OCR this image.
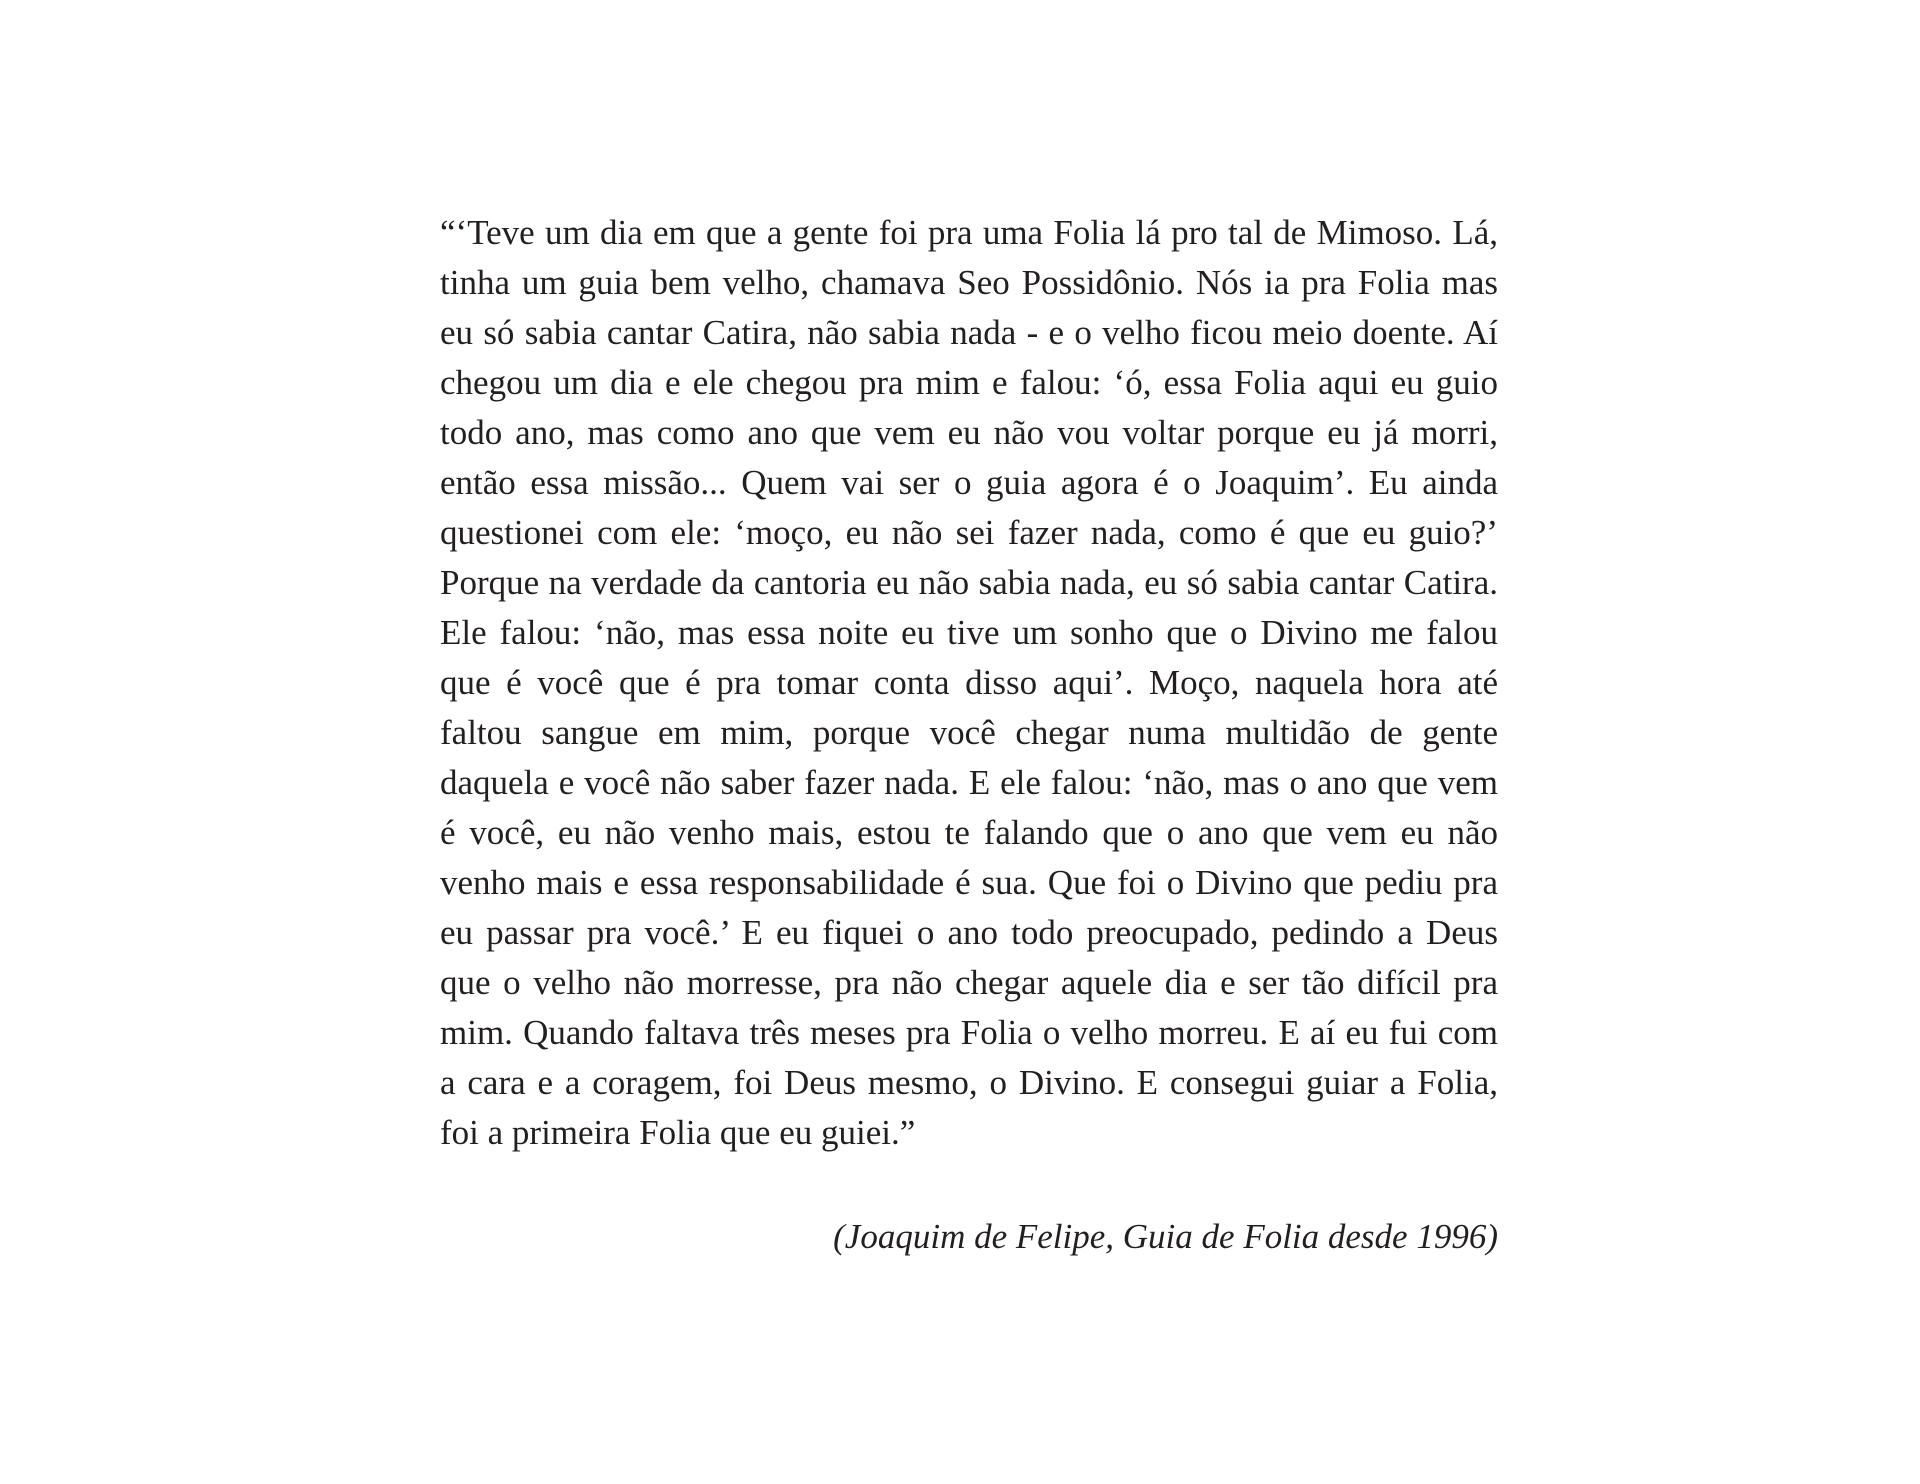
“‘Teve um dia em que a gente foi pra uma Folia lá pro tal de Mimoso. Lá, tinha um guia bem velho, chamava Seo Possidônio. Nós ia pra Folia mas eu só sabia cantar Catira, não sabia nada - e o velho ficou meio doente. Aí chegou um dia e ele chegou pra mim e falou: ‘ó, essa Folia aqui eu guio todo ano, mas como ano que vem eu não vou voltar porque eu já morri, então essa missão... Quem vai ser o guia agora é o Joaquim’. Eu ainda questionei com ele: ‘moço, eu não sei fazer nada, como é que eu guio?’ Porque na verdade da cantoria eu não sabia nada, eu só sabia cantar Catira. Ele falou: ‘não, mas essa noite eu tive um sonho que o Divino me falou que é você que é pra tomar conta disso aqui’. Moço, naquela hora até faltou sangue em mim, porque você chegar numa multidão de gente daquela e você não saber fazer nada. E ele falou: ‘não, mas o ano que vem é você, eu não venho mais, estou te falando que o ano que vem eu não venho mais e essa responsabilidade é sua. Que foi o Divino que pediu pra eu passar pra você.’ E eu fiquei o ano todo preocupado, pedindo a Deus que o velho não morresse, pra não chegar aquele dia e ser tão difícil pra mim. Quando faltava três meses pra Folia o velho morreu. E aí eu fui com a cara e a coragem, foi Deus mesmo, o Divino. E consegui guiar a Folia, foi a primeira Folia que eu guiei.”

(Joaquim de Felipe, Guia de Folia desde 1996)
